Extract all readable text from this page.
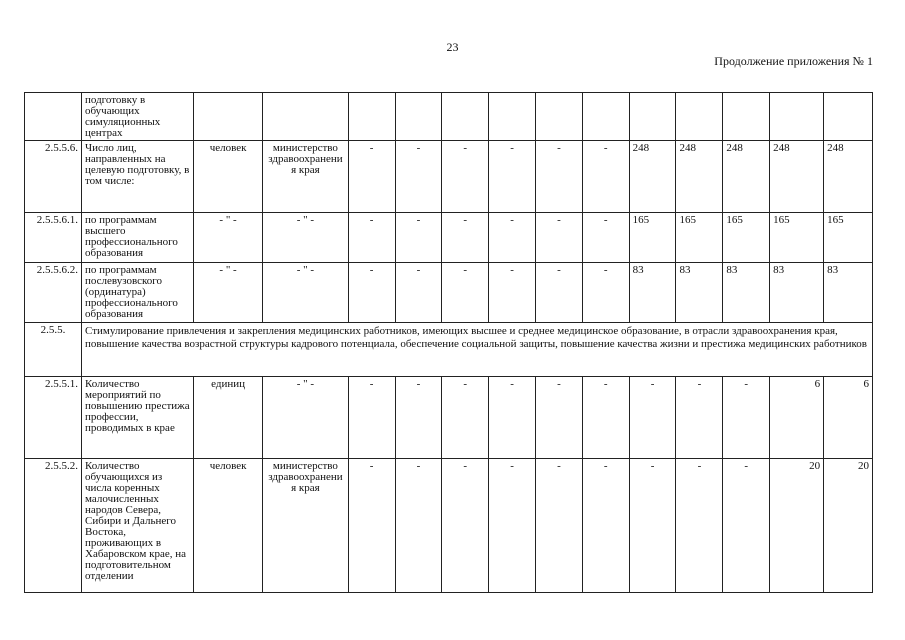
23
Продолжение приложения № 1
	подготовку в обучающих симуляционных центрах													
2.5.5.6.	Число лиц, направленных на целевую подготовку, в том числе:	человек	министерство здравоохранения края	-	-	-	-	-	-	248	248	248	248	248
2.5.5.6.1.	по программам высшего профессионального образования	- " -	- " -	-	-	-	-	-	-	165	165	165	165	165
2.5.5.6.2.	по программам послевузовского (ординатура) профессионального образования	- " -	- " -	-	-	-	-	-	-	83	83	83	83	83
2.5.5.	Стимулирование привлечения и закрепления медицинских работников, имеющих высшее и среднее медицинское образование, в отрасли здравоохранения края, повышение качества возрастной структуры кадрового потенциала, обеспечение социальной защиты, повышение качества жизни и престижа медицинских работников													
2.5.5.1.	Количество мероприятий по повышению престижа профессии, проводимых в крае	единиц	- " -	-	-	-	-	-	-	-	-	-	6	6
2.5.5.2.	Количество обучающихся из числа коренных малочисленных народов Севера, Сибири и Дальнего Востока, проживающих в Хабаровском крае, на подготовительном отделении	человек	министерство здравоохранения края	-	-	-	-	-	-	-	-	-	20	20
